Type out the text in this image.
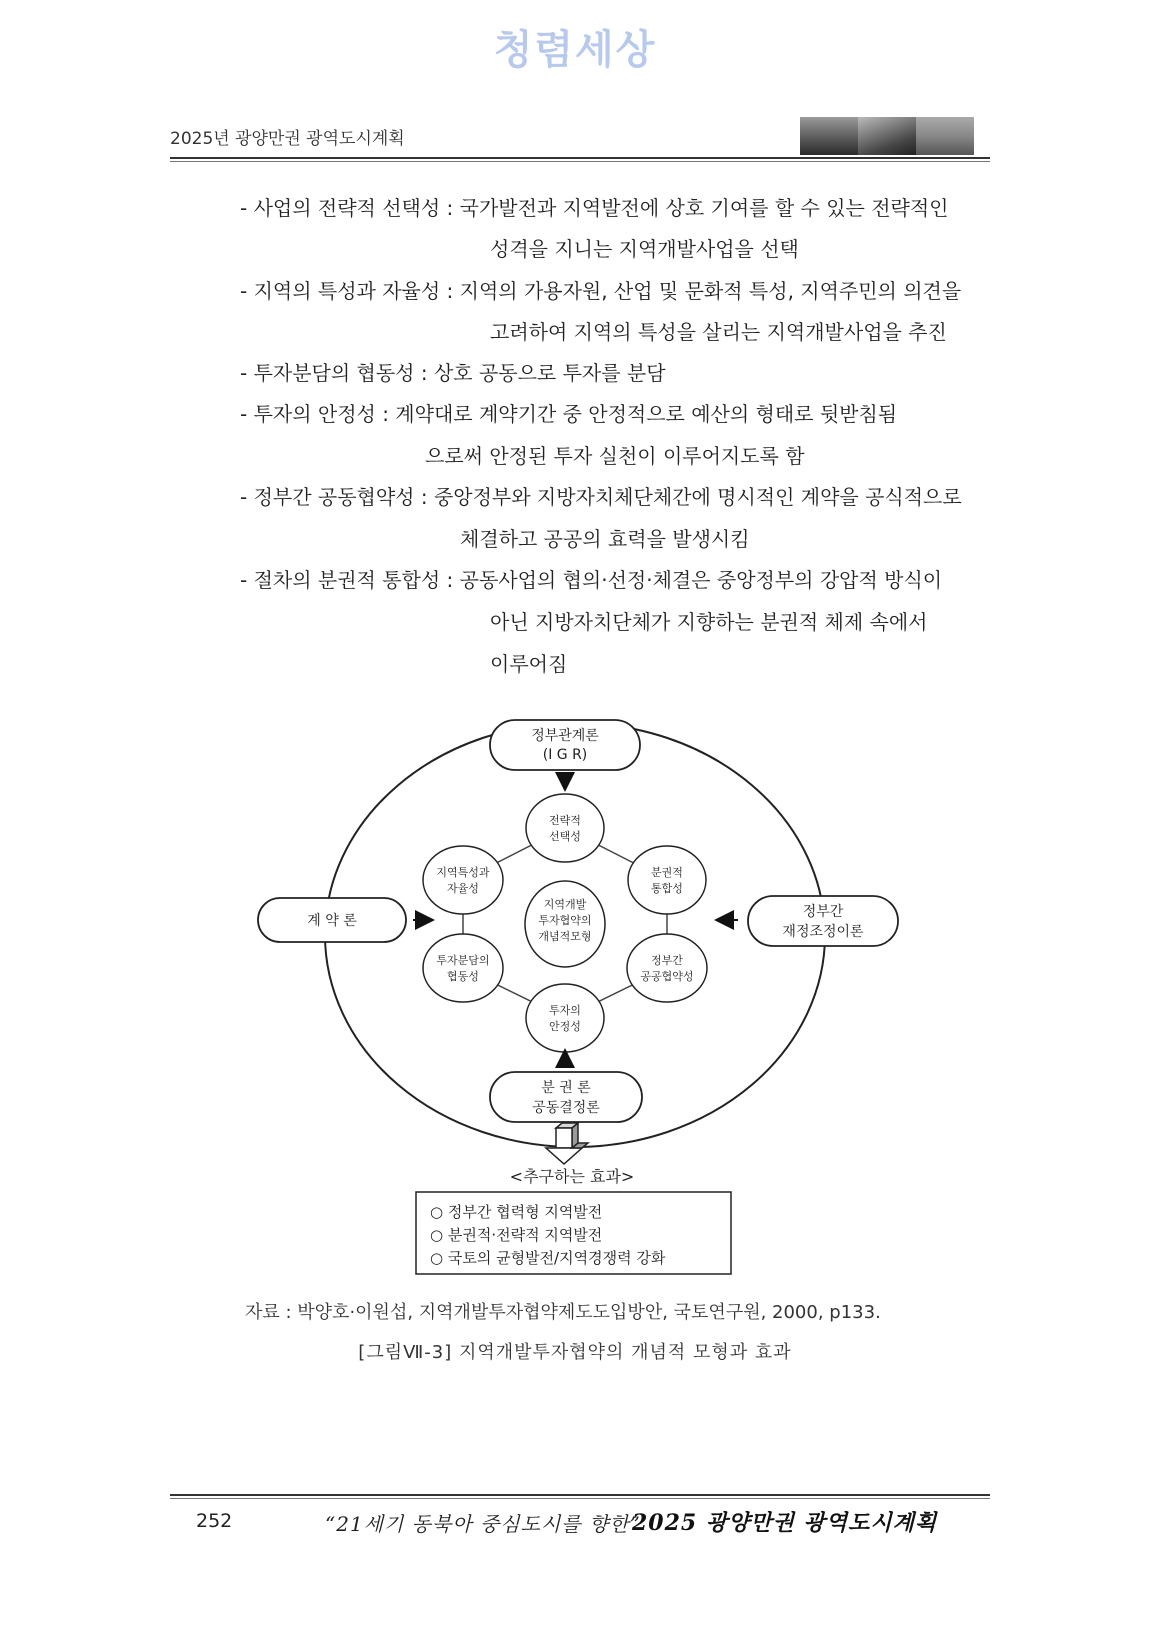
청렴세상
2025년 광양만권 광역도시계획
- 사업의 전략적 선택성 : 국가발전과 지역발전에 상호 기여를 할 수 있는 전략적인
성격을 지니는 지역개발사업을 선택
- 지역의 특성과 자율성 : 지역의 가용자원, 산업 및 문화적 특성, 지역주민의 의견을
고려하여 지역의 특성을 살리는 지역개발사업을 추진
- 투자분담의 협동성 : 상호 공동으로 투자를 분담
- 투자의 안정성 : 계약대로 계약기간 중 안정적으로 예산의 형태로 뒷받침됨
으로써 안정된 투자 실천이 이루어지도록 함
- 정부간 공동협약성 : 중앙정부와 지방자치체단체간에 명시적인 계약을 공식적으로
체결하고 공공의 효력을 발생시킴
- 절차의 분권적 통합성 : 공동사업의 협의·선정·체결은 중앙정부의 강압적 방식이
아닌 지방자치단체가 지향하는 분권적 체제 속에서
이루어짐
전략적
선택성
지역특성과
자율성
분권적
통합성
투자분담의
협동성
정부간
공공협약성
투자의
안정성
지역개발
투자협약의
개념적모형
정부관계론
(I G R)
계 약 론
정부간
재정조정이론
분 권 론
공동결정론
<추구하는 효과>
○ 정부간 협력형 지역발전
○ 분권적·전략적 지역발전
○ 국토의 균형발전/지역경쟁력 강화
자료 : 박양호·이원섭, 지역개발투자협약제도도입방안, 국토연구원, 2000, p133.
[그림Ⅶ-3] 지역개발투자협약의 개념적 모형과 효과
252	“21세기 동북아 중심도시를 향한”
2025 광양만권 광역도시계획
